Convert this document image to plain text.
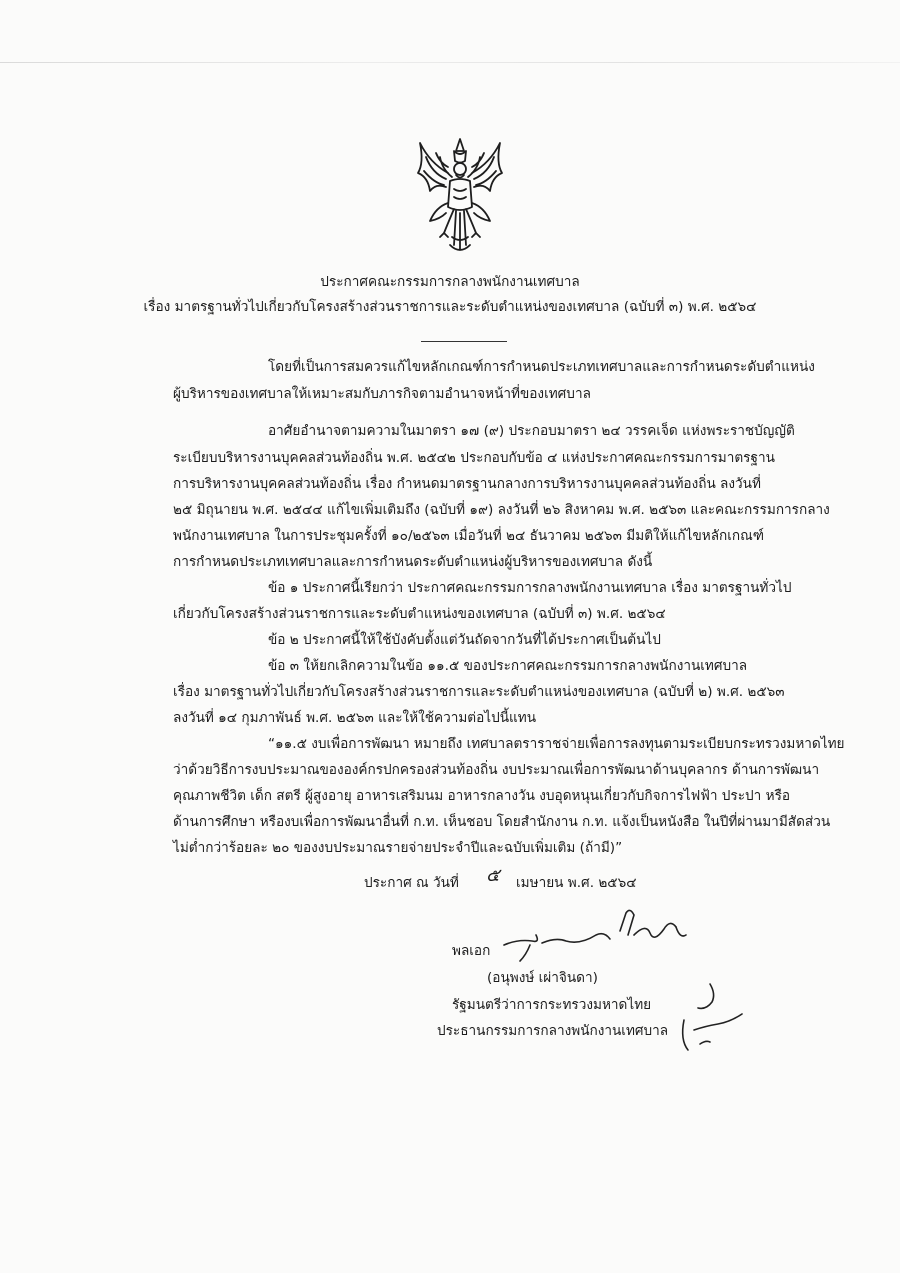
ประกาศคณะกรรมการกลางพนักงานเทศบาล
เรื่อง มาตรฐานทั่วไปเกี่ยวกับโครงสร้างส่วนราชการและระดับตำแหน่งของเทศบาล (ฉบับที่ ๓) พ.ศ. ๒๕๖๔
โดยที่เป็นการสมควรแก้ไขหลักเกณฑ์การกำหนดประเภทเทศบาลและการกำหนดระดับตำแหน่ง
ผู้บริหารของเทศบาลให้เหมาะสมกับภารกิจตามอำนาจหน้าที่ของเทศบาล
อาศัยอำนาจตามความในมาตรา ๑๗ (๙) ประกอบมาตรา ๒๔ วรรคเจ็ด แห่งพระราชบัญญัติ
ระเบียบบริหารงานบุคคลส่วนท้องถิ่น พ.ศ. ๒๕๔๒ ประกอบกับข้อ ๔ แห่งประกาศคณะกรรมการมาตรฐาน
การบริหารงานบุคคลส่วนท้องถิ่น เรื่อง กำหนดมาตรฐานกลางการบริหารงานบุคคลส่วนท้องถิ่น ลงวันที่
๒๕ มิถุนายน พ.ศ. ๒๕๔๔ แก้ไขเพิ่มเติมถึง (ฉบับที่ ๑๙) ลงวันที่ ๒๖ สิงหาคม พ.ศ. ๒๕๖๓ และคณะกรรมการกลาง
พนักงานเทศบาล ในการประชุมครั้งที่ ๑๐/๒๕๖๓ เมื่อวันที่ ๒๔ ธันวาคม ๒๕๖๓ มีมติให้แก้ไขหลักเกณฑ์
การกำหนดประเภทเทศบาลและการกำหนดระดับตำแหน่งผู้บริหารของเทศบาล ดังนี้
ข้อ ๑ ประกาศนี้เรียกว่า ประกาศคณะกรรมการกลางพนักงานเทศบาล เรื่อง มาตรฐานทั่วไป
เกี่ยวกับโครงสร้างส่วนราชการและระดับตำแหน่งของเทศบาล (ฉบับที่ ๓) พ.ศ. ๒๕๖๔
ข้อ ๒ ประกาศนี้ให้ใช้บังคับตั้งแต่วันถัดจากวันที่ได้ประกาศเป็นต้นไป
ข้อ ๓ ให้ยกเลิกความในข้อ ๑๑.๕ ของประกาศคณะกรรมการกลางพนักงานเทศบาล
เรื่อง มาตรฐานทั่วไปเกี่ยวกับโครงสร้างส่วนราชการและระดับตำแหน่งของเทศบาล (ฉบับที่ ๒) พ.ศ. ๒๕๖๓
ลงวันที่ ๑๔ กุมภาพันธ์ พ.ศ. ๒๕๖๓ และให้ใช้ความต่อไปนี้แทน
“๑๑.๕ งบเพื่อการพัฒนา หมายถึง เทศบาลตราราชจ่ายเพื่อการลงทุนตามระเบียบกระทรวงมหาดไทย
ว่าด้วยวิธีการงบประมาณขององค์กรปกครองส่วนท้องถิ่น งบประมาณเพื่อการพัฒนาด้านบุคลากร ด้านการพัฒนา
คุณภาพชีวิต เด็ก สตรี ผู้สูงอายุ อาหารเสริมนม อาหารกลางวัน งบอุดหนุนเกี่ยวกับกิจการไฟฟ้า ประปา หรือ
ด้านการศึกษา หรืองบเพื่อการพัฒนาอื่นที่ ก.ท. เห็นชอบ โดยสำนักงาน ก.ท. แจ้งเป็นหนังสือ ในปีที่ผ่านมามีสัดส่วน
ไม่ต่ำกว่าร้อยละ ๒๐ ของงบประมาณรายจ่ายประจำปีและฉบับเพิ่มเติม (ถ้ามี)”
ประกาศ ณ วันที่ ๕ เมษายน พ.ศ. ๒๕๖๔
พลเอก
(อนุพงษ์ เผ่าจินดา)
รัฐมนตรีว่าการกระทรวงมหาดไทย
ประธานกรรมการกลางพนักงานเทศบาล
